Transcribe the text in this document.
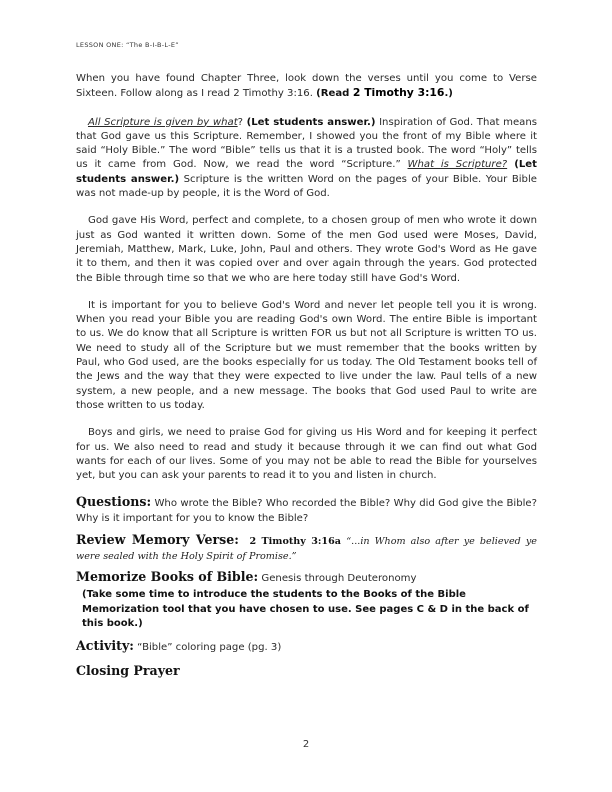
LESSON ONE: “The B-I-B-L-E”

When you have found Chapter Three, look down the verses until you come to Verse Sixteen. Follow along as I read 2 Timothy 3:16. (Read 2 Timothy 3:16.)

All Scripture is given by what? (Let students answer.) Inspiration of God. That means that God gave us this Scripture. Remember, I showed you the front of my Bible where it said “Holy Bible.” The word “Bible” tells us that it is a trusted book. The word “Holy” tells us it came from God. Now, we read the word “Scripture.” What is Scripture? (Let students answer.) Scripture is the written Word on the pages of your Bible. Your Bible was not made-up by people, it is the Word of God.

God gave His Word, perfect and complete, to a chosen group of men who wrote it down just as God wanted it written down. Some of the men God used were Moses, David, Jeremiah, Matthew, Mark, Luke, John, Paul and others. They wrote God's Word as He gave it to them, and then it was copied over and over again through the years. God protected the Bible through time so that we who are here today still have God's Word.

It is important for you to believe God's Word and never let people tell you it is wrong. When you read your Bible you are reading God's own Word. The entire Bible is important to us. We do know that all Scripture is written FOR us but not all Scripture is written TO us. We need to study all of the Scripture but we must remember that the books written by Paul, who God used, are the books especially for us today. The Old Testament books tell of the Jews and the way that they were expected to live under the law. Paul tells of a new system, a new people, and a new message. The books that God used Paul to write are those written to us today.

Boys and girls, we need to praise God for giving us His Word and for keeping it perfect for us. We also need to read and study it because through it we can find out what God wants for each of our lives. Some of you may not be able to read the Bible for yourselves yet, but you can ask your parents to read it to you and listen in church.

Questions: Who wrote the Bible? Who recorded the Bible? Why did God give the Bible? Why is it important for you to know the Bible?

Review Memory Verse: 2 Timothy 3:16a “...in Whom also after ye believed ye were sealed with the Holy Spirit of Promise.”

Memorize Books of Bible: Genesis through Deuteronomy

(Take some time to introduce the students to the Books of the Bible Memorization tool that you have chosen to use. See pages C & D in the back of this book.)

Activity: “Bible” coloring page (pg. 3)

Closing Prayer

2
